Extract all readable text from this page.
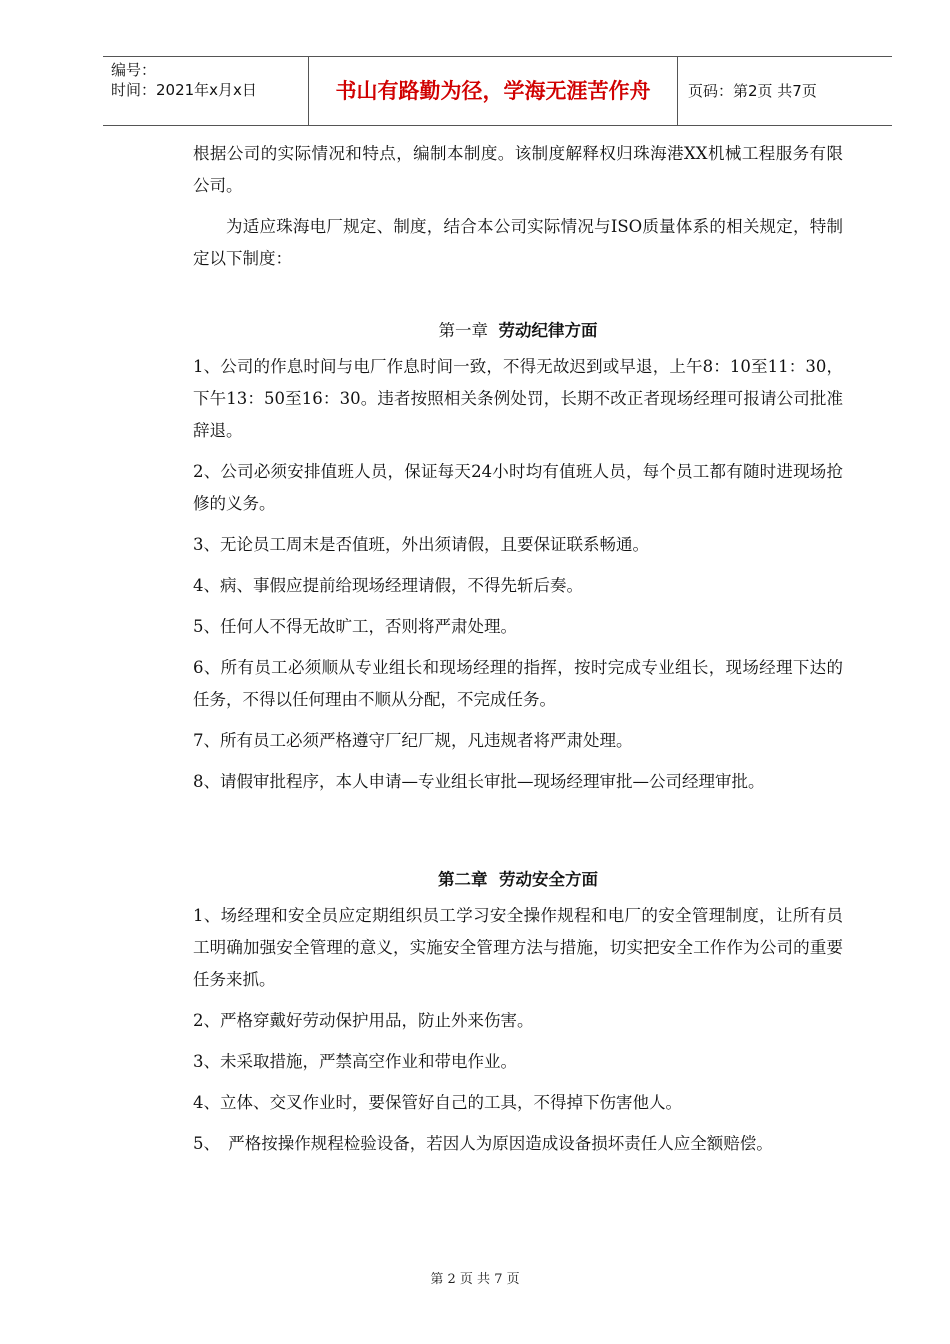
编号：
时间：2021年x月x日	书山有路勤为径，学海无涯苦作舟	页码：第2页 共7页

根据公司的实际情况和特点，编制本制度。该制度解释权归珠海港XX机械工程服务有限公司。

为适应珠海电厂规定、制度，结合本公司实际情况与ISO质量体系的相关规定，特制定以下制度：

第一章 劳动纪律方面

1、公司的作息时间与电厂作息时间一致，不得无故迟到或早退，上午8：10至11：30，下午13：50至16：30。违者按照相关条例处罚，长期不改正者现场经理可报请公司批准辞退。

2、公司必须安排值班人员，保证每天24小时均有值班人员，每个员工都有随时进现场抢修的义务。

3、无论员工周末是否值班，外出须请假，且要保证联系畅通。

4、病、事假应提前给现场经理请假，不得先斩后奏。

5、任何人不得无故旷工，否则将严肃处理。

6、所有员工必须顺从专业组长和现场经理的指挥，按时完成专业组长，现场经理下达的任务，不得以任何理由不顺从分配，不完成任务。

7、所有员工必须严格遵守厂纪厂规，凡违规者将严肃处理。

8、请假审批程序，本人申请—专业组长审批—现场经理审批—公司经理审批。

第二章 劳动安全方面

1、场经理和安全员应定期组织员工学习安全操作规程和电厂的安全管理制度，让所有员工明确加强安全管理的意义，实施安全管理方法与措施，切实把安全工作作为公司的重要任务来抓。

2、严格穿戴好劳动保护用品，防止外来伤害。

3、未采取措施，严禁高空作业和带电作业。

4、立体、交叉作业时，要保管好自己的工具，不得掉下伤害他人。

5、　严格按操作规程检验设备，若因人为原因造成设备损坏责任人应全额赔偿。

第 2 页 共 7 页
